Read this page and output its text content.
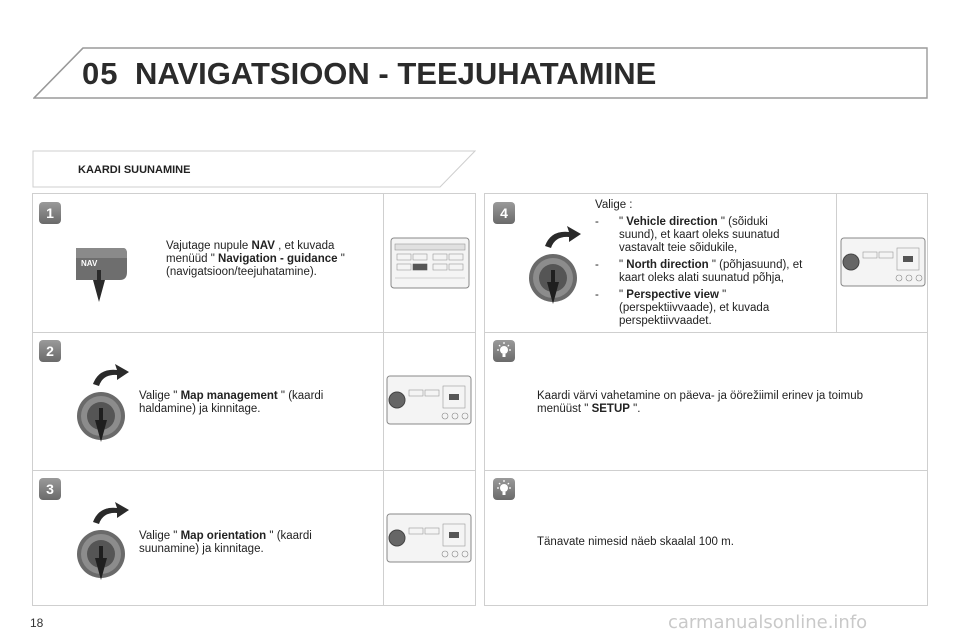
05 NAVIGATSIOON - TEEJUHATAMINE
KAARDI SUUNAMINE
1
NAV
Vajutage nupule NAV , et kuvada
menüüd " Navigation - guidance "
(navigatsioon/teejuhatamine).
2
Valige " Map management " (kaardi
haldamine) ja kinnitage.
3
Valige " Map orientation " (kaardi
suunamine) ja kinnitage.
4	Valige :
- " Vehicle direction " (sõiduki
suund), et kaart oleks suunatud
vastavalt teie sõidukile,
- " North direction " (põhjasuund), et
kaart oleks alati suunatud põhja,
- " Perspective view "
(perspektiivvaade), et kuvada
perspektiivvaadet.
Kaardi värvi vahetamine on päeva- ja öörežiimil erinev ja toimub
menüüst " SETUP ".
Tänavate nimesid näeb skaalal 100 m.
18	carmanualsonline.info
